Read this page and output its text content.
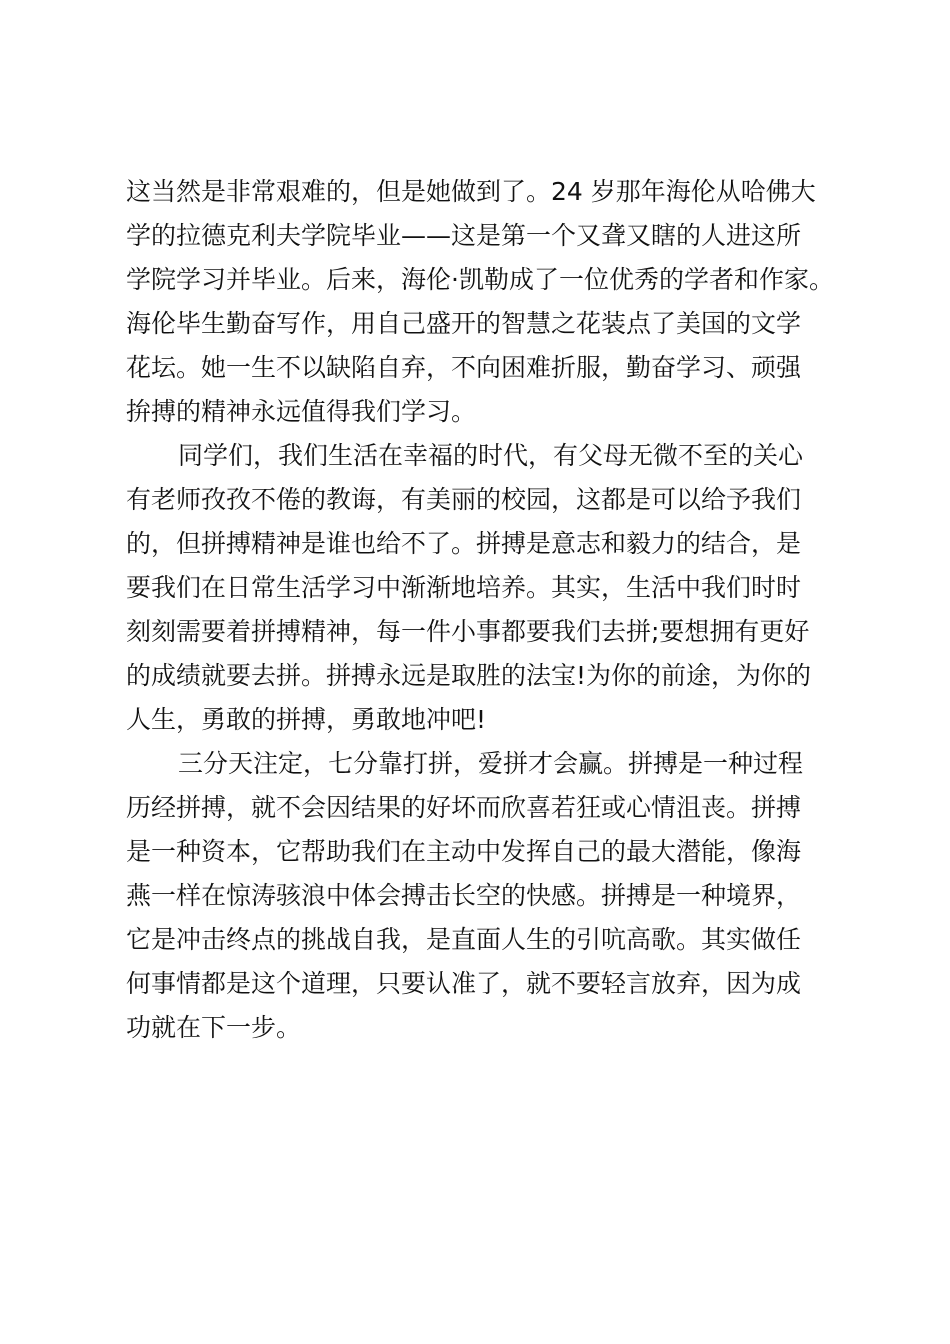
这当然是非常艰难的，但是她做到了。24 岁那年海伦从哈佛大
学的拉德克利夫学院毕业——这是第一个又聋又瞎的人进这所
学院学习并毕业。后来，海伦·凯勒成了一位优秀的学者和作家。
海伦毕生勤奋写作，用自己盛开的智慧之花装点了美国的文学
花坛。她一生不以缺陷自弃，不向困难折服，勤奋学习、顽强
拚搏的精神永远值得我们学习。
同学们，我们生活在幸福的时代，有父母无微不至的关心
有老师孜孜不倦的教诲，有美丽的校园，这都是可以给予我们
的，但拼搏精神是谁也给不了。拼搏是意志和毅力的结合，是
要我们在日常生活学习中渐渐地培养。其实，生活中我们时时
刻刻需要着拼搏精神，每一件小事都要我们去拼;要想拥有更好
的成绩就要去拼。拼搏永远是取胜的法宝!为你的前途，为你的
人生，勇敢的拼搏，勇敢地冲吧!
三分天注定，七分靠打拼，爱拼才会赢。拼搏是一种过程
历经拼搏，就不会因结果的好坏而欣喜若狂或心情沮丧。拼搏
是一种资本，它帮助我们在主动中发挥自己的最大潜能，像海
燕一样在惊涛骇浪中体会搏击长空的快感。拼搏是一种境界，
它是冲击终点的挑战自我，是直面人生的引吭高歌。其实做任
何事情都是这个道理，只要认准了，就不要轻言放弃，因为成
功就在下一步。
